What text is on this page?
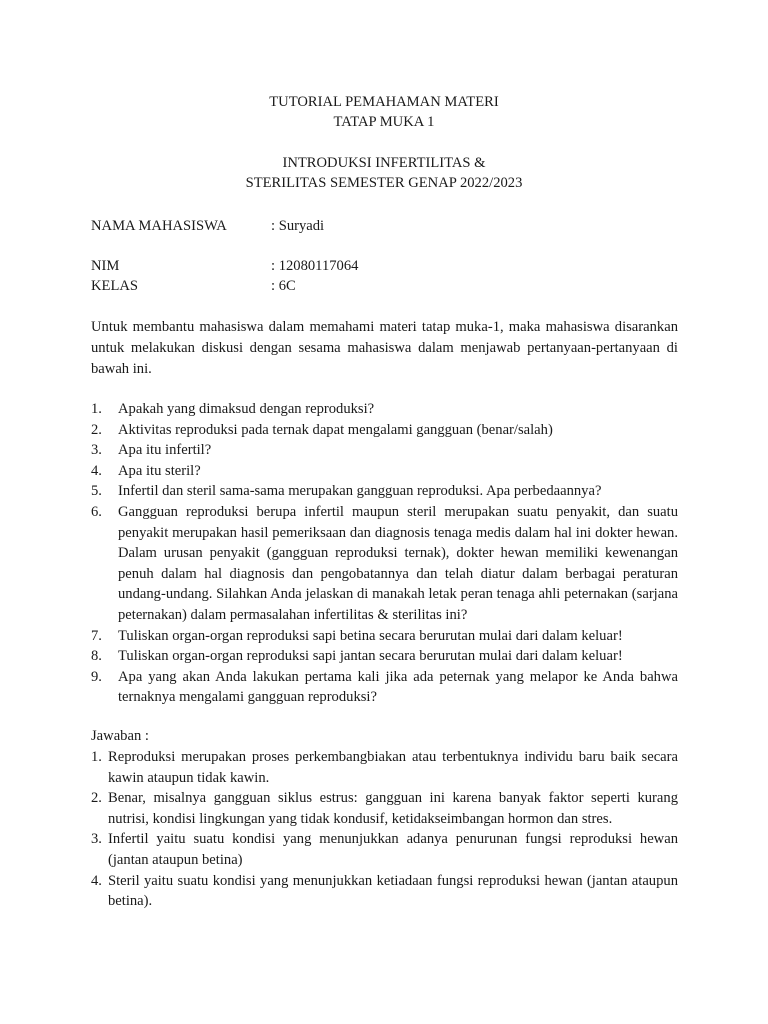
TUTORIAL PEMAHAMAN MATERI
TATAP MUKA 1
INTRODUKSI INFERTILITAS &
STERILITAS SEMESTER GENAP 2022/2023
NAMA MAHASISWA	: Suryadi
NIM	: 12080117064
KELAS	: 6C

Untuk membantu mahasiswa dalam memahami materi tatap muka-1, maka mahasiswa disarankan untuk melakukan diskusi dengan sesama mahasiswa dalam menjawab pertanyaan-pertanyaan di bawah ini.

1. Apakah yang dimaksud dengan reproduksi?
2. Aktivitas reproduksi pada ternak dapat mengalami gangguan (benar/salah)
3. Apa itu infertil?
4. Apa itu steril?
5. Infertil dan steril sama-sama merupakan gangguan reproduksi. Apa perbedaannya?
6. Gangguan reproduksi berupa infertil maupun steril merupakan suatu penyakit, dan suatu penyakit merupakan hasil pemeriksaan dan diagnosis tenaga medis dalam hal ini dokter hewan. Dalam urusan penyakit (gangguan reproduksi ternak), dokter hewan memiliki kewenangan penuh dalam hal diagnosis dan pengobatannya dan telah diatur dalam berbagai peraturan undang-undang. Silahkan Anda jelaskan di manakah letak peran tenaga ahli peternakan (sarjana peternakan) dalam permasalahan infertilitas & sterilitas ini?
7. Tuliskan organ-organ reproduksi sapi betina secara berurutan mulai dari dalam keluar!
8. Tuliskan organ-organ reproduksi sapi jantan secara berurutan mulai dari dalam keluar!
9. Apa yang akan Anda lakukan pertama kali jika ada peternak yang melapor ke Anda bahwa ternaknya mengalami gangguan reproduksi?
Jawaban :
1. Reproduksi merupakan proses perkembangbiakan atau terbentuknya individu baru baik secara kawin ataupun tidak kawin.
2. Benar, misalnya gangguan siklus estrus: gangguan ini karena banyak faktor seperti kurang nutrisi, kondisi lingkungan yang tidak kondusif, ketidakseimbangan hormon dan stres.
3. Infertil yaitu suatu kondisi yang menunjukkan adanya penurunan fungsi reproduksi hewan (jantan ataupun betina)
4. Steril yaitu suatu kondisi yang menunjukkan ketiadaan fungsi reproduksi hewan (jantan ataupun betina).
